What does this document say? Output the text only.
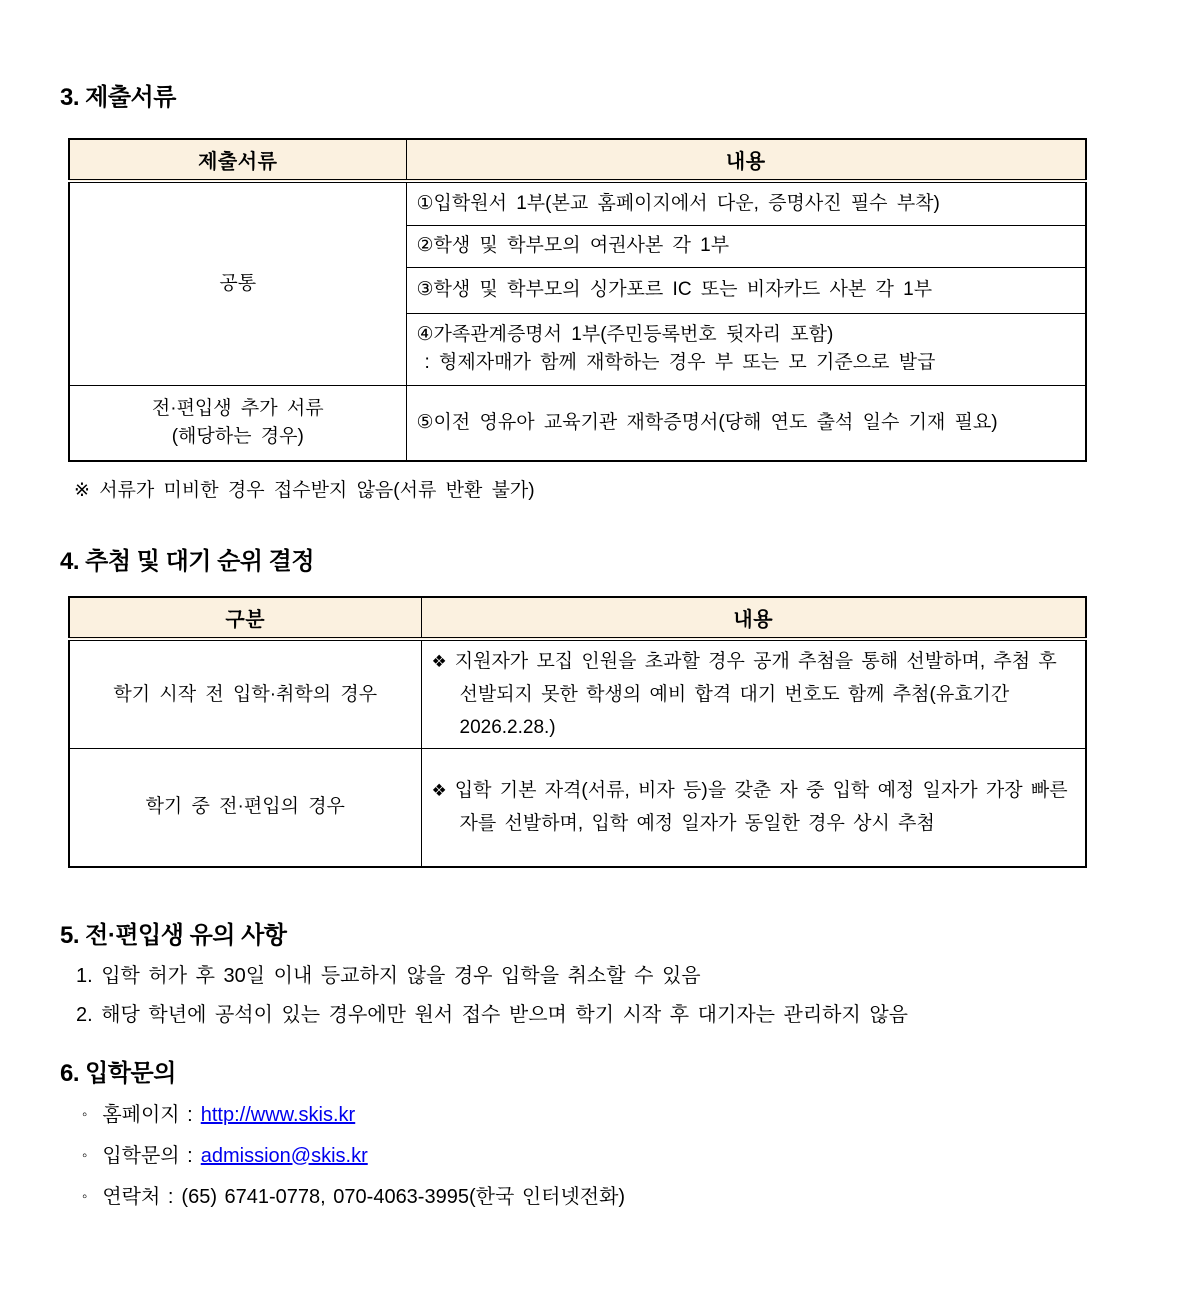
3. 제출서류
제출서류	내용
공통	①입학원서 1부(본교 홈페이지에서 다운, 증명사진 필수 부착)
	②학생 및 학부모의 여권사본 각 1부
	③학생 및 학부모의 싱가포르 IC 또는 비자카드 사본 각 1부

	④가족관계증명서 1부(주민등록번호 뒷자리 포함)
: 형제자매가 함께 재학하는 경우 부 또는 모 기준으로 발급

전·편입생 추가 서류
(해당하는 경우)	⑤이전 영유아 교육기관 재학증명서(당해 연도 출석 일수 기재 필요)

※ 서류가 미비한 경우 접수받지 않음(서류 반환 불가)

4. 추첨 및 대기 순위 결정
구분	내용
학기 시작 전 입학·취학의 경우	❖ 지원자가 모집 인원을 초과할 경우 공개 추첨을 통해 선발하며, 추첨 후 선발되지 못한 학생의 예비 합격 대기 번호도 함께 추첨(유효기간 2026.2.28.)

학기 중 전·편입의 경우	❖ 입학 기본 자격(서류, 비자 등)을 갖춘 자 중 입학 예정 일자가 가장 빠른 자를 선발하며, 입학 예정 일자가 동일한 경우 상시 추첨
5. 전·편입생 유의 사항
1. 입학 허가 후 30일 이내 등교하지 않을 경우 입학을 취소할 수 있음
2. 해당 학년에 공석이 있는 경우에만 원서 접수 받으며 학기 시작 후 대기자는 관리하지 않음
6. 입학문의
◦ 홈페이지 : http://www.skis.kr
◦ 입학문의 : admission@skis.kr
◦ 연락처 : (65) 6741-0778, 070-4063-3995(한국 인터넷전화)
